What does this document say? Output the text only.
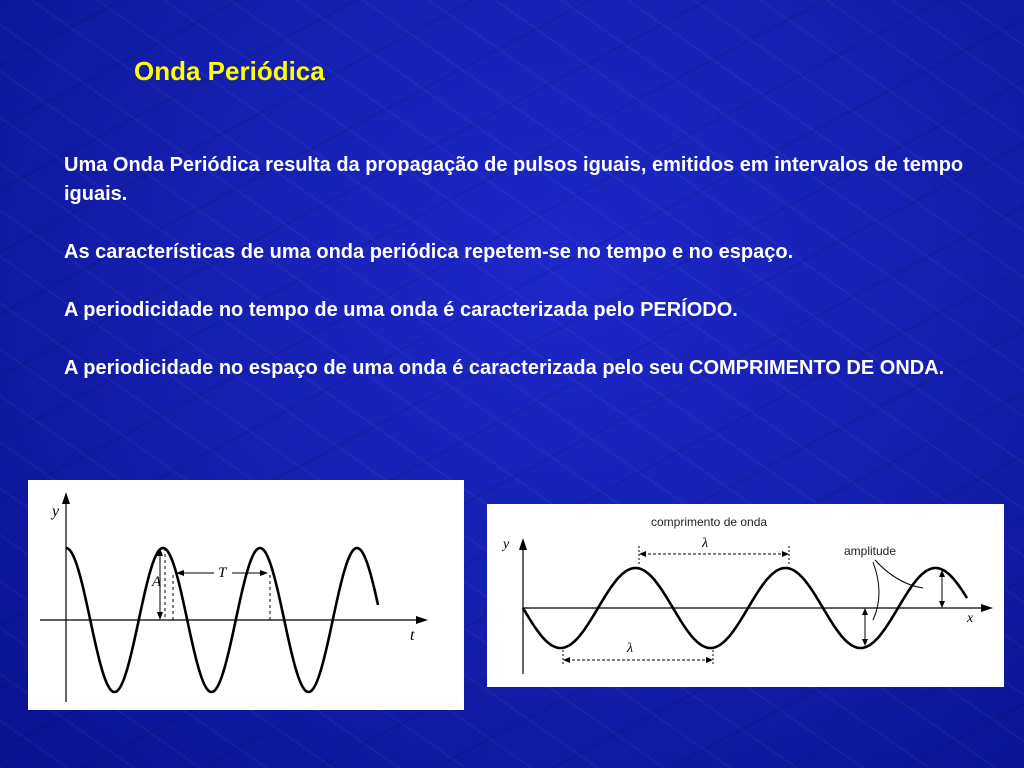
Onda Periódica

Uma Onda Periódica resulta da propagação de pulsos iguais, emitidos em intervalos de tempo iguais.

As características de uma onda periódica repetem-se no tempo e no espaço.

A periodicidade no tempo de uma onda é caracterizada pelo PERÍODO.

A periodicidade no espaço de uma onda é caracterizada pelo seu COMPRIMENTO DE ONDA.

y
t
A
T
y
x
comprimento de onda
λ
λ
amplitude
